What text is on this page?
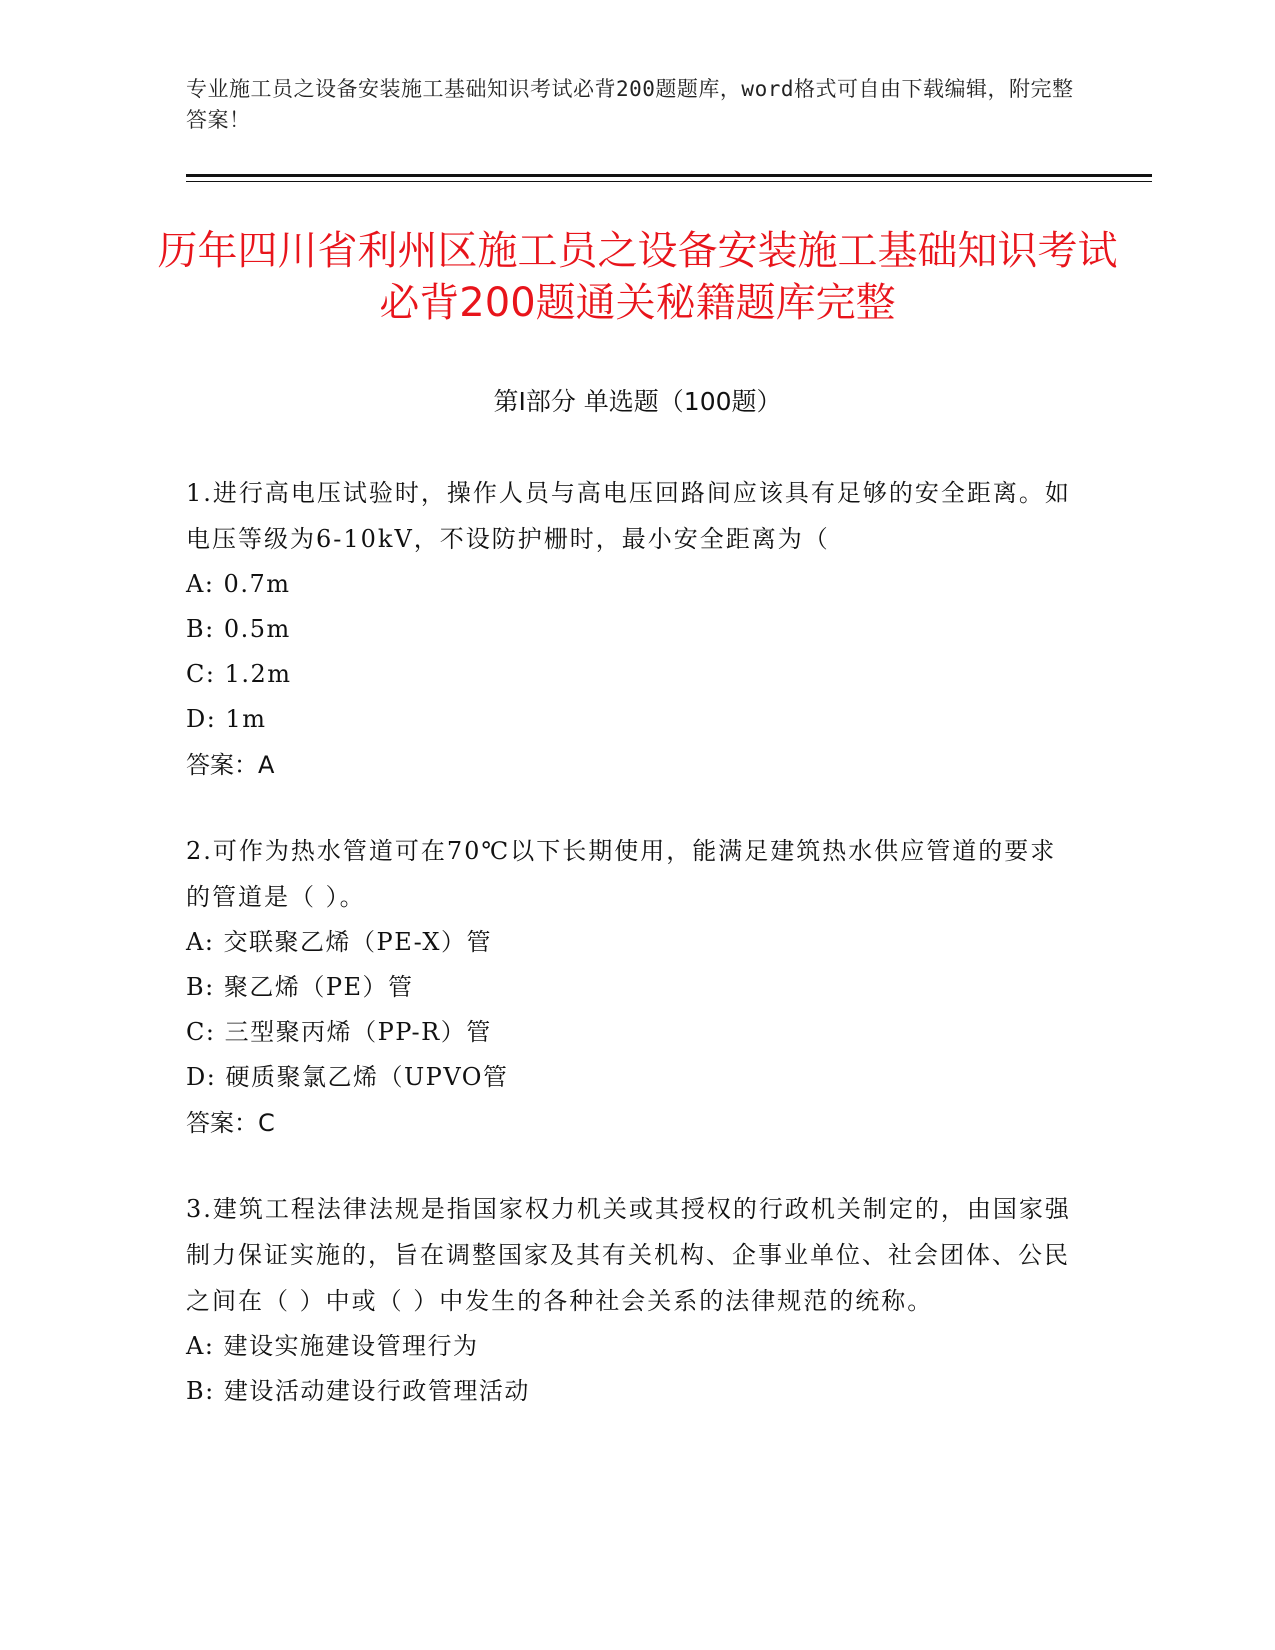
专业施工员之设备安装施工基础知识考试必背200题题库，word格式可自由下载编辑，附完整答案！
历年四川省利州区施工员之设备安装施工基础知识考试必背200题通关秘籍题库完整
第Ⅰ部分 单选题（100题）

1.进行高电压试验时，操作人员与高电压回路间应该具有足够的安全距离。如电压等级为6-10kV，不设防护栅时，最小安全距离为（

A: 0.7m

B: 0.5m

C: 1.2m

D: 1m

答案：A

2.可作为热水管道可在70℃以下长期使用，能满足建筑热水供应管道的要求的管道是（ ）。

A: 交联聚乙烯（PE-X）管

B: 聚乙烯（PE）管

C: 三型聚丙烯（PP-R）管

D: 硬质聚氯乙烯（UPVO管

答案：C

3.建筑工程法律法规是指国家权力机关或其授权的行政机关制定的，由国家强制力保证实施的，旨在调整国家及其有关机构、企事业单位、社会团体、公民之间在（ ）中或（ ）中发生的各种社会关系的法律规范的统称。

A: 建设实施建设管理行为

B: 建设活动建设行政管理活动
